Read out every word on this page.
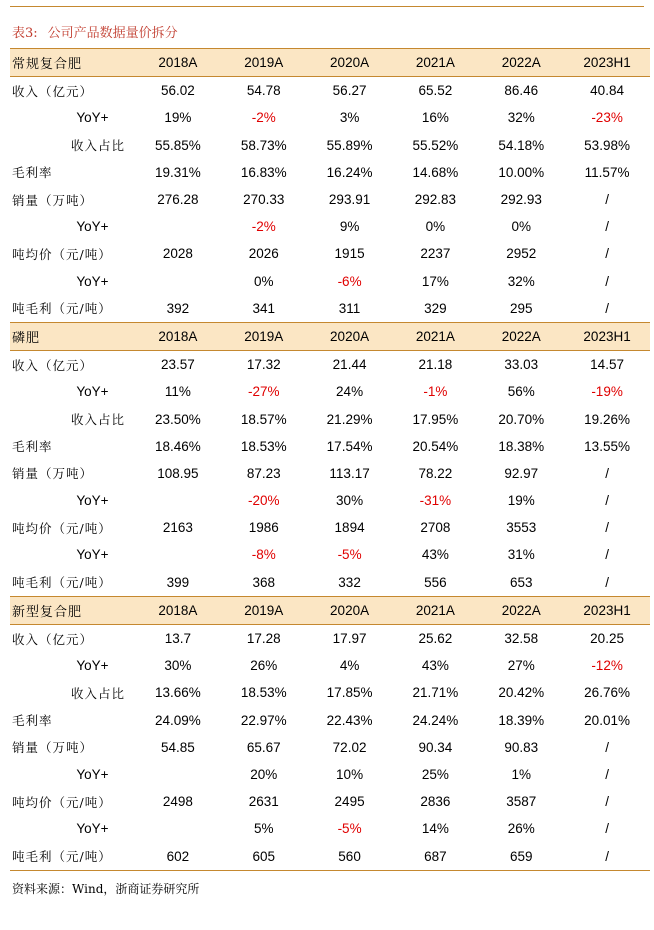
表3: 公司产品数据量价拆分
常规复合肥	2018A	2019A	2020A	2021A	2022A	2023H1
收入（亿元）	56.02	54.78	56.27	65.52	86.46	40.84
YoY+	19%	-2%	3%	16%	32%	-23%
收入占比	55.85%	58.73%	55.89%	55.52%	54.18%	53.98%
毛利率	19.31%	16.83%	16.24%	14.68%	10.00%	11.57%
销量（万吨）	276.28	270.33	293.91	292.83	292.93	/
YoY+		-2%	9%	0%	0%	/
吨均价（元/吨）	2028	2026	1915	2237	2952	/
YoY+		0%	-6%	17%	32%	/
吨毛利（元/吨）	392	341	311	329	295	/
磷肥	2018A	2019A	2020A	2021A	2022A	2023H1
收入（亿元）	23.57	17.32	21.44	21.18	33.03	14.57
YoY+	11%	-27%	24%	-1%	56%	-19%
收入占比	23.50%	18.57%	21.29%	17.95%	20.70%	19.26%
毛利率	18.46%	18.53%	17.54%	20.54%	18.38%	13.55%
销量（万吨）	108.95	87.23	113.17	78.22	92.97	/
YoY+		-20%	30%	-31%	19%	/
吨均价（元/吨）	2163	1986	1894	2708	3553	/
YoY+		-8%	-5%	43%	31%	/
吨毛利（元/吨）	399	368	332	556	653	/
新型复合肥	2018A	2019A	2020A	2021A	2022A	2023H1
收入（亿元）	13.7	17.28	17.97	25.62	32.58	20.25
YoY+	30%	26%	4%	43%	27%	-12%
收入占比	13.66%	18.53%	17.85%	21.71%	20.42%	26.76%
毛利率	24.09%	22.97%	22.43%	24.24%	18.39%	20.01%
销量（万吨）	54.85	65.67	72.02	90.34	90.83	/
YoY+		20%	10%	25%	1%	/
吨均价（元/吨）	2498	2631	2495	2836	3587	/
YoY+		5%	-5%	14%	26%	/
吨毛利（元/吨）	602	605	560	687	659	/
资料来源：Wind，浙商证券研究所
